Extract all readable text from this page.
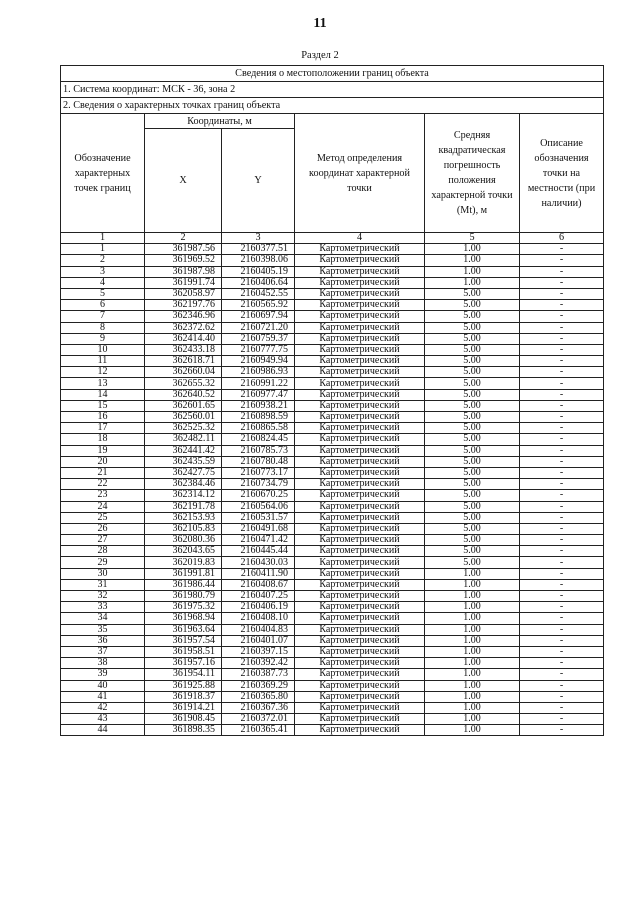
11
Раздел 2
Сведения о местоположении границ объекта					
1. Система координат: МСК - 36, зона 2					
2. Сведения о характерных точках границ объекта					
Обозначение характерных точек границ	Координаты, м		Метод определения координат характерной точки	Средняя квадратическая погрешность положения характерной точки (Mt), м	Описание обозначения точки на местности (при наличии)
	X	Y			
1	2	3	4	5	6
1	361987.56	2160377.51	Картометрический	1.00	-
2	361969.52	2160398.06	Картометрический	1.00	-
3	361987.98	2160405.19	Картометрический	1.00	-
4	361991.74	2160406.64	Картометрический	1.00	-
5	362058.97	2160452.55	Картометрический	5.00	-
6	362197.76	2160565.92	Картометрический	5.00	-
7	362346.96	2160697.94	Картометрический	5.00	-
8	362372.62	2160721.20	Картометрический	5.00	-
9	362414.40	2160759.37	Картометрический	5.00	-
10	362433.18	2160777.75	Картометрический	5.00	-
11	362618.71	2160949.94	Картометрический	5.00	-
12	362660.04	2160986.93	Картометрический	5.00	-
13	362655.32	2160991.22	Картометрический	5.00	-
14	362640.52	2160977.47	Картометрический	5.00	-
15	362601.65	2160938.21	Картометрический	5.00	-
16	362560.01	2160898.59	Картометрический	5.00	-
17	362525.32	2160865.58	Картометрический	5.00	-
18	362482.11	2160824.45	Картометрический	5.00	-
19	362441.42	2160785.73	Картометрический	5.00	-
20	362435.59	2160780.48	Картометрический	5.00	-
21	362427.75	2160773.17	Картометрический	5.00	-
22	362384.46	2160734.79	Картометрический	5.00	-
23	362314.12	2160670.25	Картометрический	5.00	-
24	362191.78	2160564.06	Картометрический	5.00	-
25	362153.93	2160531.57	Картометрический	5.00	-
26	362105.83	2160491.68	Картометрический	5.00	-
27	362080.36	2160471.42	Картометрический	5.00	-
28	362043.65	2160445.44	Картометрический	5.00	-
29	362019.83	2160430.03	Картометрический	5.00	-
30	361991.81	2160411.90	Картометрический	1.00	-
31	361986.44	2160408.67	Картометрический	1.00	-
32	361980.79	2160407.25	Картометрический	1.00	-
33	361975.32	2160406.19	Картометрический	1.00	-
34	361968.94	2160408.10	Картометрический	1.00	-
35	361963.64	2160404.83	Картометрический	1.00	-
36	361957.54	2160401.07	Картометрический	1.00	-
37	361958.51	2160397.15	Картометрический	1.00	-
38	361957.16	2160392.42	Картометрический	1.00	-
39	361954.11	2160387.73	Картометрический	1.00	-
40	361925.88	2160369.29	Картометрический	1.00	-
41	361918.37	2160365.80	Картометрический	1.00	-
42	361914.21	2160367.36	Картометрический	1.00	-
43	361908.45	2160372.01	Картометрический	1.00	-
44	361898.35	2160365.41	Картометрический	1.00	-
